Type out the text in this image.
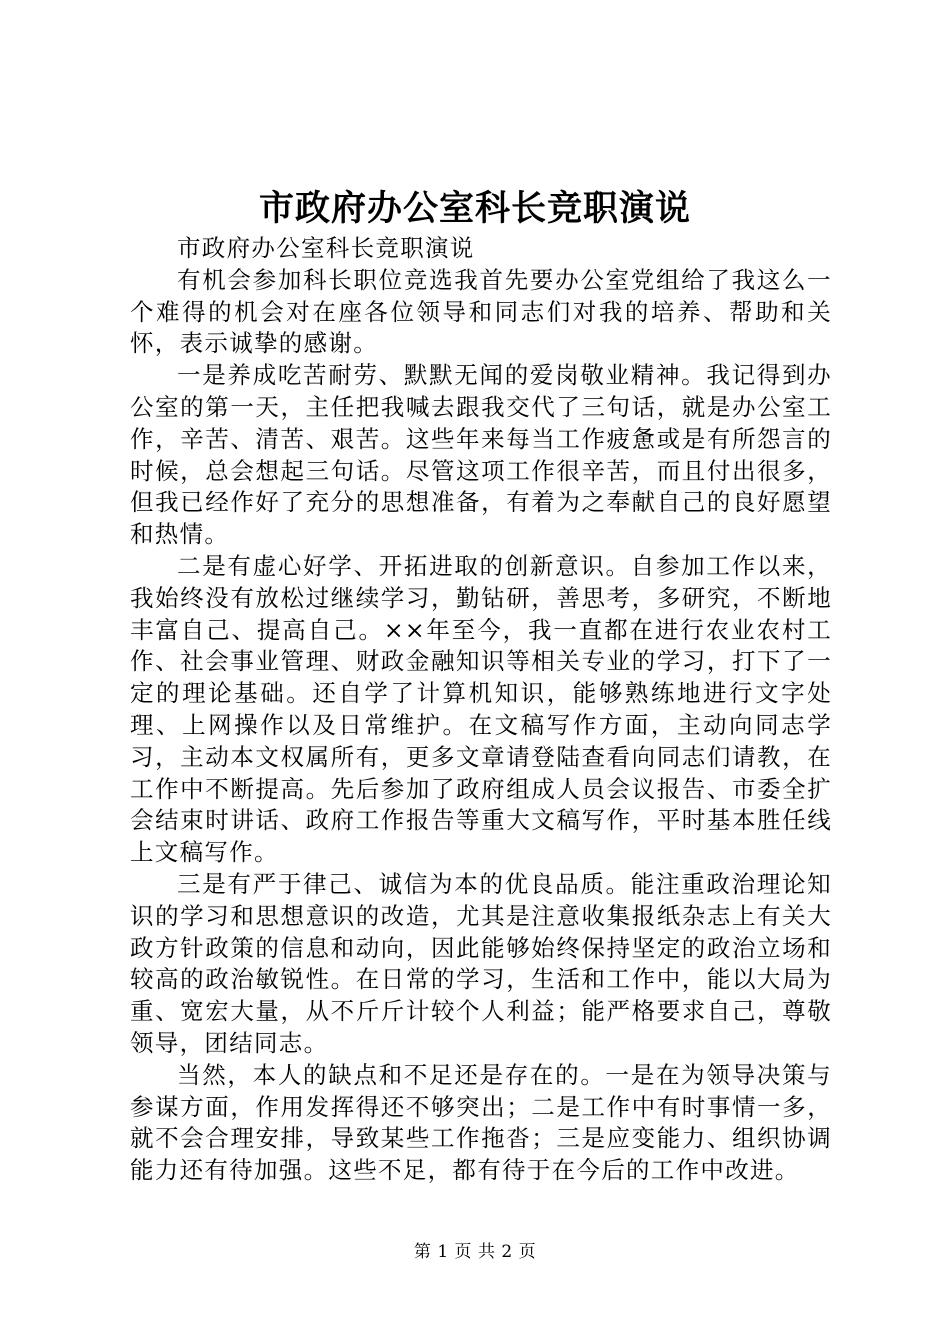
市政府办公室科长竞职演说

市政府办公室科长竞职演说

有机会参加科长职位竞选我首先要办公室党组给了我这么一个难得的机会对在座各位领导和同志们对我的培养、帮助和关怀，表示诚挚的感谢。

一是养成吃苦耐劳、默默无闻的爱岗敬业精神。我记得到办公室的第一天，主任把我喊去跟我交代了三句话，就是办公室工作，辛苦、清苦、艰苦。这些年来每当工作疲惫或是有所怨言的时候，总会想起三句话。尽管这项工作很辛苦，而且付出很多，但我已经作好了充分的思想准备，有着为之奉献自己的良好愿望和热情。

二是有虚心好学、开拓进取的创新意识。自参加工作以来，我始终没有放松过继续学习，勤钻研，善思考，多研究，不断地丰富自己、提高自己。××年至今，我一直都在进行农业农村工作、社会事业管理、财政金融知识等相关专业的学习，打下了一定的理论基础。还自学了计算机知识，能够熟练地进行文字处理、上网操作以及日常维护。在文稿写作方面，主动向同志学习，主动本文权属所有，更多文章请登陆查看向同志们请教，在工作中不断提高。先后参加了政府组成人员会议报告、市委全扩会结束时讲话、政府工作报告等重大文稿写作，平时基本胜任线上文稿写作。

三是有严于律己、诚信为本的优良品质。能注重政治理论知识的学习和思想意识的改造，尤其是注意收集报纸杂志上有关大政方针政策的信息和动向，因此能够始终保持坚定的政治立场和较高的政治敏锐性。在日常的学习，生活和工作中，能以大局为重、宽宏大量，从不斤斤计较个人利益；能严格要求自己，尊敬领导，团结同志。

当然，本人的缺点和不足还是存在的。一是在为领导决策与参谋方面，作用发挥得还不够突出；二是工作中有时事情一多，就不会合理安排，导致某些工作拖沓；三是应变能力、组织协调能力还有待加强。这些不足，都有待于在今后的工作中改进。

第 1 页 共 2 页
